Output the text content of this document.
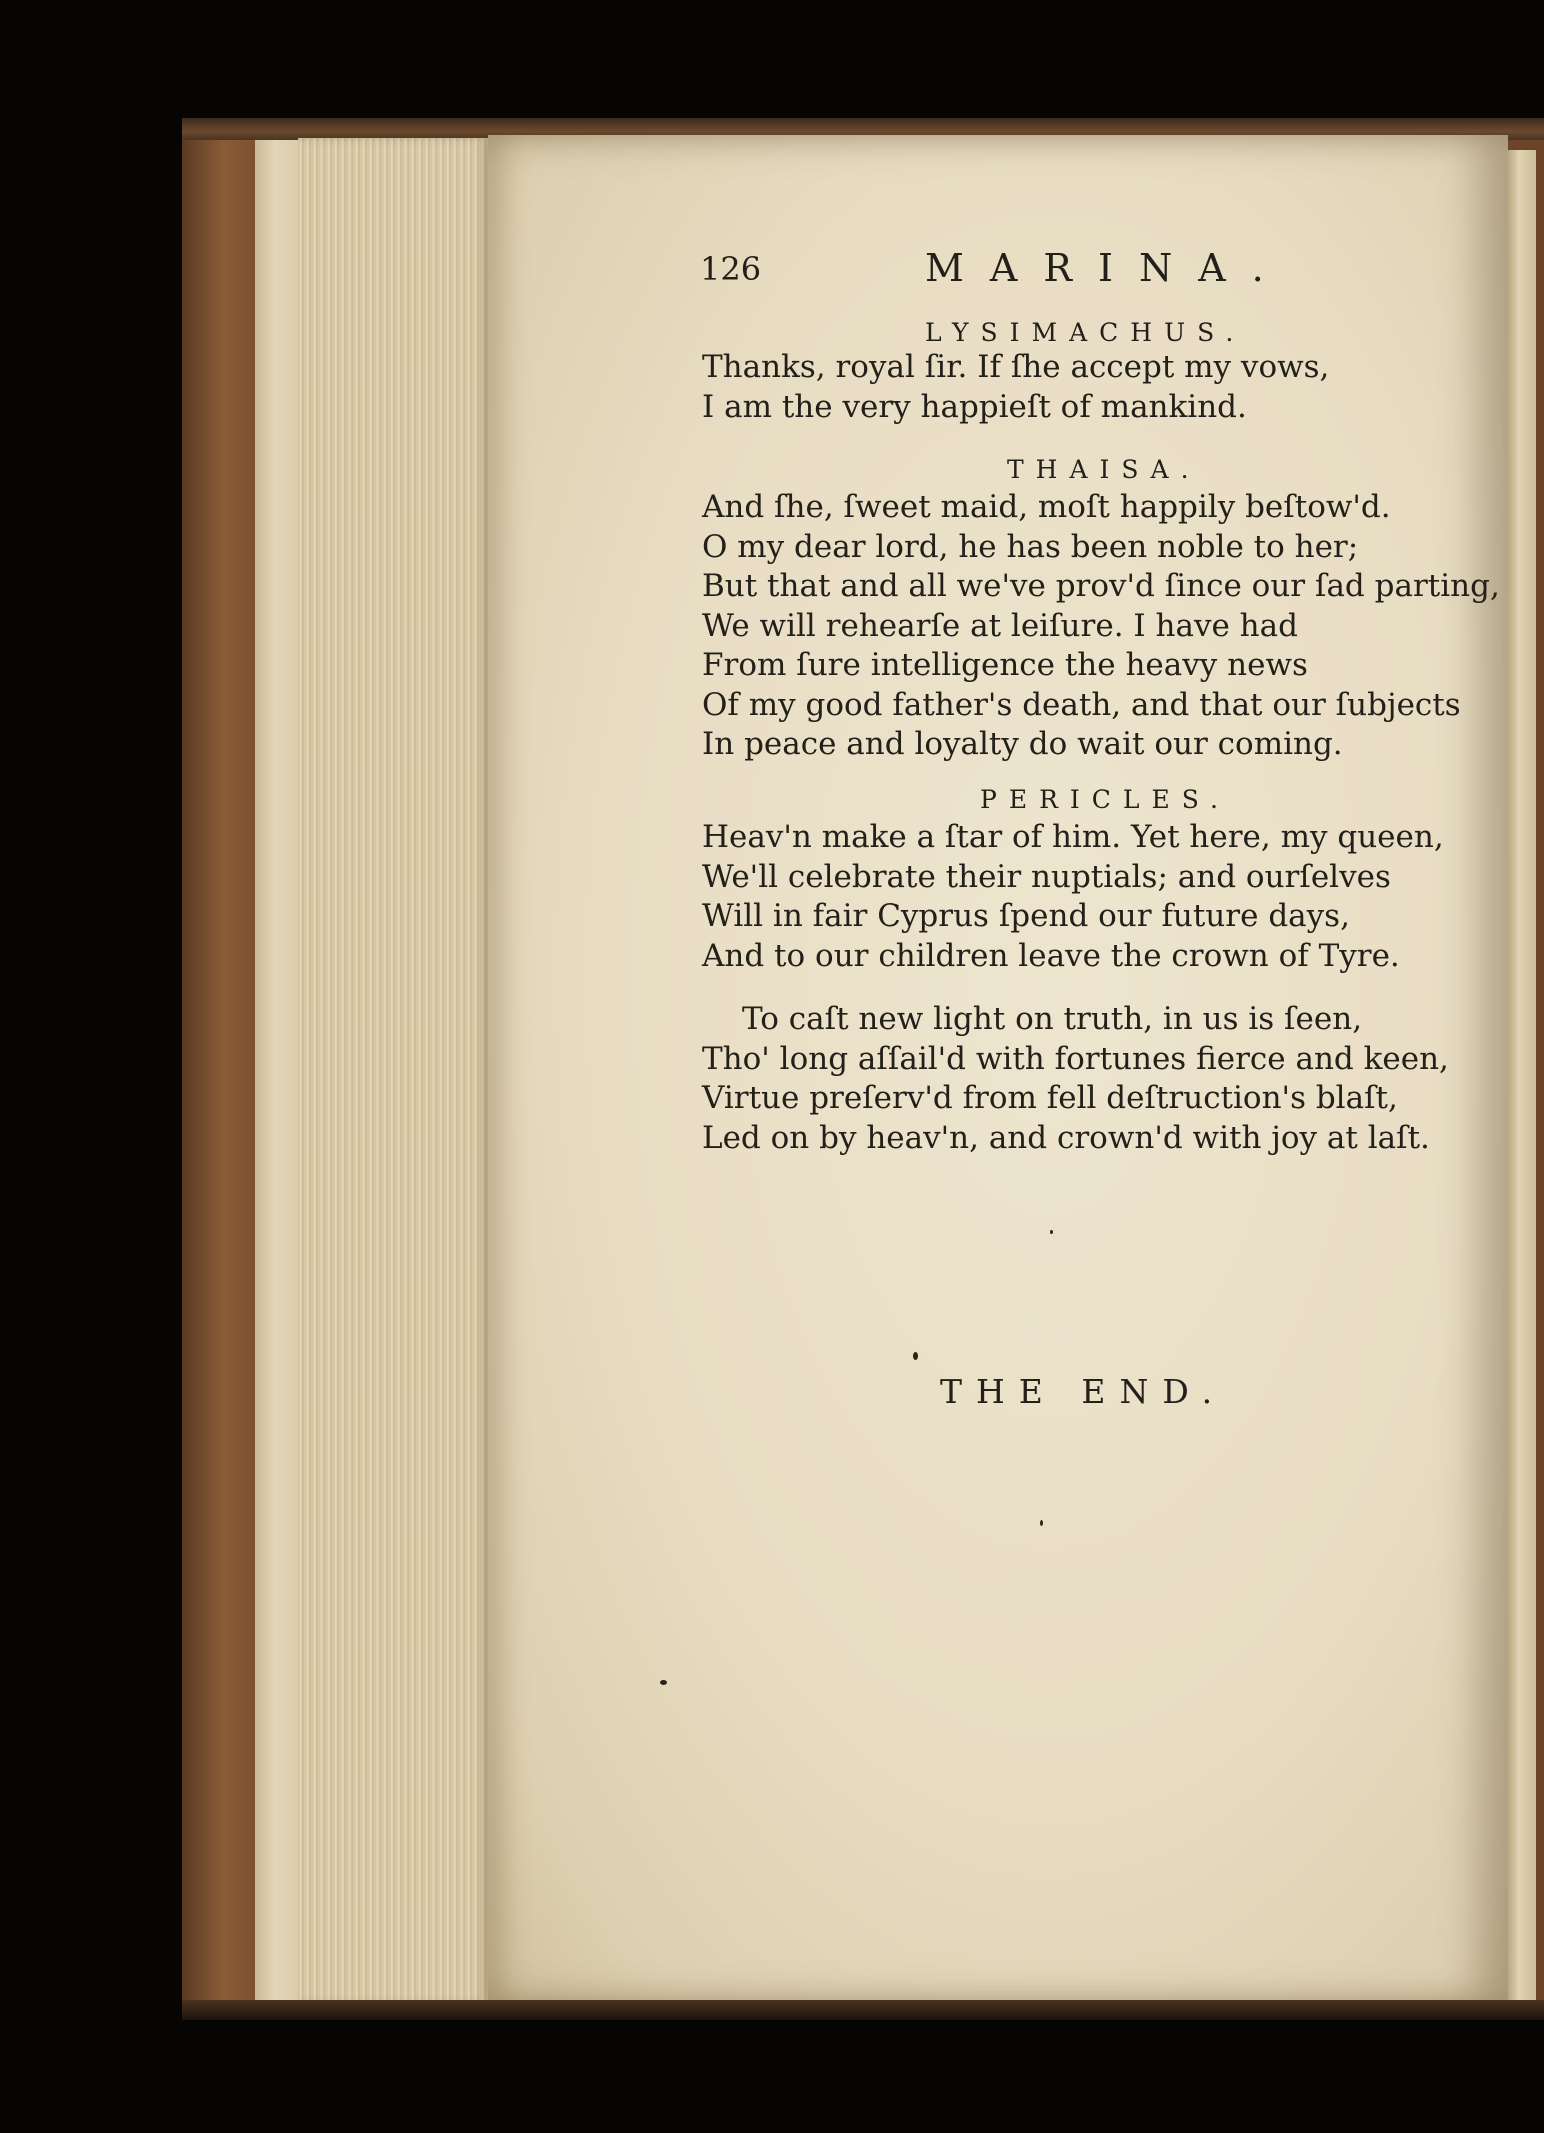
126	MARINA.
LYSIMACHUS.
Thanks, royal ſir. If ſhe accept my vows,
I am the very happieſt of mankind.
THAISA.
And ſhe, ſweet maid, moſt happily beſtow'd.
O my dear lord, he has been noble to her;
But that and all we've prov'd ſince our ſad parting,
We will rehearſe at leiſure. I have had
From ſure intelligence the heavy news
Of my good father's death, and that our ſubjects
In peace and loyalty do wait our coming.
PERICLES.
Heav'n make a ſtar of him. Yet here, my queen,
We'll celebrate their nuptials; and ourſelves
Will in fair Cyprus ſpend our future days,
And to our children leave the crown of Tyre.
To caſt new light on truth, in us is ſeen,
Tho' long aſſail'd with fortunes fierce and keen,
Virtue preſerv'd from fell deſtruction's blaſt,
Led on by heav'n, and crown'd with joy at laſt.
THE END.
